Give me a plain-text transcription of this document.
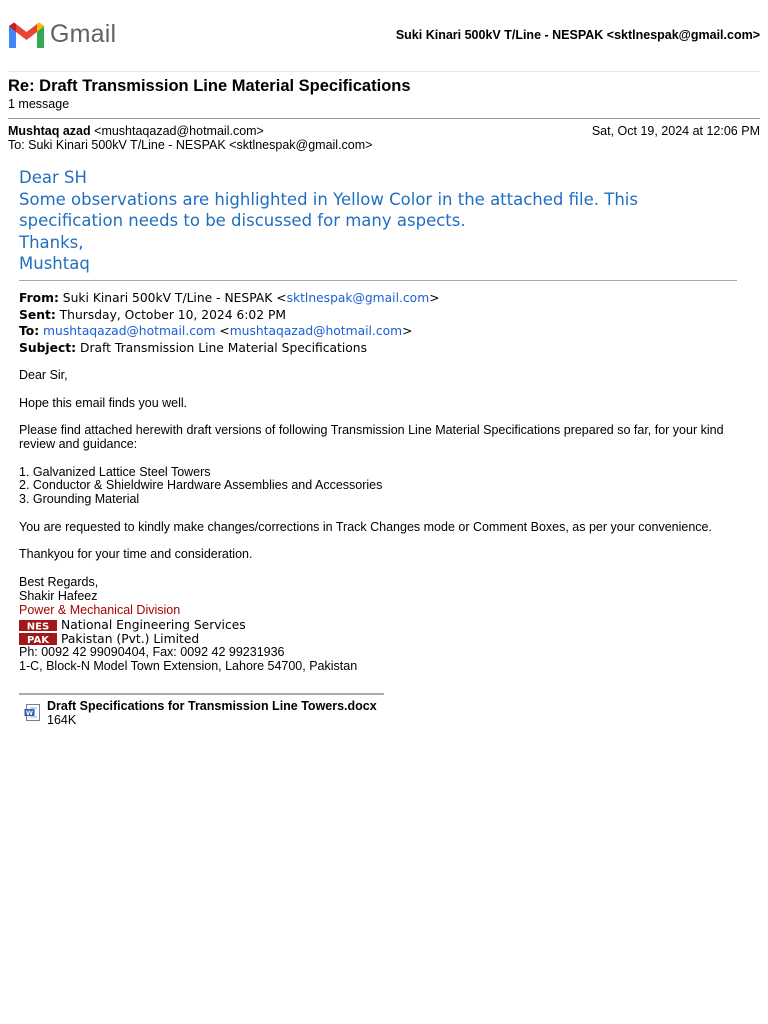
Gmail	Suki Kinari 500kV T/Line - NESPAK <sktlnespak@gmail.com>
Re: Draft Transmission Line Material Specifications
1 message
Mushtaq azad <mushtaqazad@hotmail.com>	Sat, Oct 19, 2024 at 12:06 PM
To: Suki Kinari 500kV T/Line - NESPAK <sktlnespak@gmail.com>
Dear SH
Some observations are highlighted in Yellow Color in the attached file. This specification needs to be discussed for many aspects.
Thanks,
Mushtaq
From: Suki Kinari 500kV T/Line - NESPAK <sktlnespak@gmail.com>
Sent: Thursday, October 10, 2024 6:02 PM
To: mushtaqazad@hotmail.com <mushtaqazad@hotmail.com>
Subject: Draft Transmission Line Material Specifications

Dear Sir,

Hope this email finds you well.

Please find attached herewith draft versions of following Transmission Line Material Specifications prepared so far, for your kind review and guidance:

1. Galvanized Lattice Steel Towers
2. Conductor & Shieldwire Hardware Assemblies and Accessories
3. Grounding Material

You are requested to kindly make changes/corrections in Track Changes mode or Comment Boxes, as per your convenience.

Thankyou for your time and consideration.

Best Regards,
Shakir Hafeez
Power & Mechanical Division
NES
PAK
National Engineering Services
Pakistan (Pvt.) Limited
Ph: 0092 42 99090404, Fax: 0092 42 99231936
1-C, Block-N Model Town Extension, Lahore 54700, Pakistan
W Draft Specifications for Transmission Line Towers.docx
164K
